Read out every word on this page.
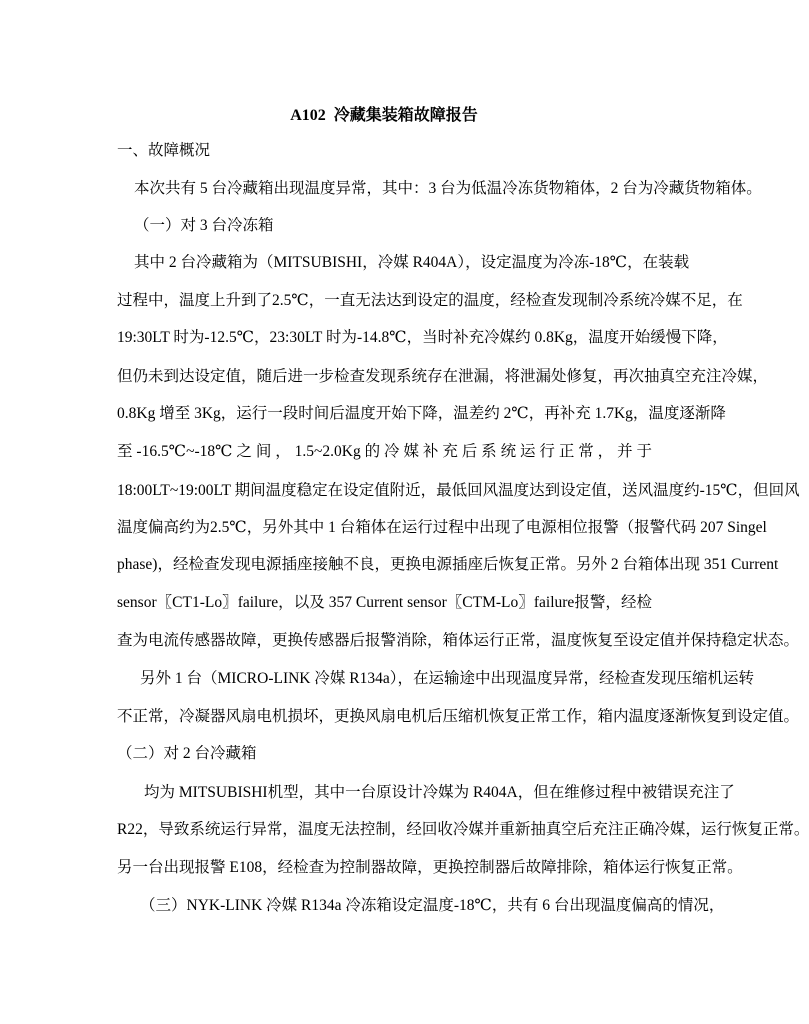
A102  冷藏集装箱故障报告
一、故障概况
本次共有 5 台冷藏箱出现温度异常，其中：3 台为低温冷冻货物箱体，2 台为冷藏货物箱体。
（一）对 3 台冷冻箱
其中 2 台冷藏箱为（MITSUBISHI，冷媒 R404A），设定温度为冷冻-18℃，在装载
过程中，温度上升到了2.5℃，一直无法达到设定的温度，经检查发现制冷系统冷媒不足，在
19:30LT 时为-12.5℃，23:30LT 时为-14.8℃，当时补充冷媒约 0.8Kg，温度开始缓慢下降，
但仍未到达设定值，随后进一步检查发现系统存在泄漏，将泄漏处修复，再次抽真空充注冷媒，
0.8Kg 增至 3Kg，运行一段时间后温度开始下降，温差约 2℃，再补充 1.7Kg，温度逐渐降
至 -16.5℃~-18℃ 之 间 ， 1.5~2.0Kg 的 冷 媒 补 充 后 系 统 运 行 正 常 ， 并 于
18:00LT~19:00LT 期间温度稳定在设定值附近，最低回风温度达到设定值，送风温度约-15℃，但回风
温度偏高约为2.5℃，另外其中 1 台箱体在运行过程中出现了电源相位报警（报警代码 207 Singel
phase)，经检查发现电源插座接触不良，更换电源插座后恢复正常。另外 2 台箱体出现 351 Current
sensor〖CT1-Lo〗failure，以及 357 Current sensor〖CTM-Lo〗failure报警，经检
查为电流传感器故障，更换传感器后报警消除，箱体运行正常，温度恢复至设定值并保持稳定状态。
另外 1 台（MICRO-LINK 冷媒 R134a），在运输途中出现温度异常，经检查发现压缩机运转
不正常，冷凝器风扇电机损坏，更换风扇电机后压缩机恢复正常工作，箱内温度逐渐恢复到设定值。
（二）对 2 台冷藏箱
均为 MITSUBISHI机型，其中一台原设计冷媒为 R404A，但在维修过程中被错误充注了
R22，导致系统运行异常，温度无法控制，经回收冷媒并重新抽真空后充注正确冷媒，运行恢复正常。
另一台出现报警 E108，经检查为控制器故障，更换控制器后故障排除，箱体运行恢复正常。
（三）NYK-LINK 冷媒 R134a 冷冻箱设定温度-18℃，共有 6 台出现温度偏高的情况，
